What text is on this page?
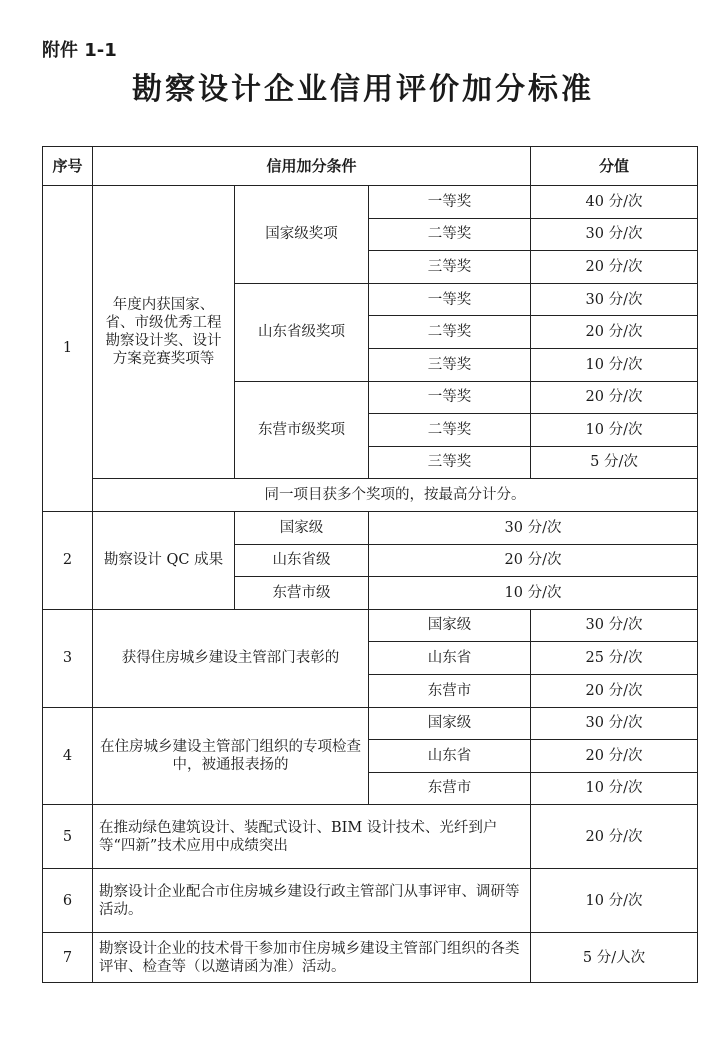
附件 1-1
勘察设计企业信用评价加分标准
序号	信用加分条件			分值
1	年度内获国家、省、市级优秀工程勘察设计奖、设计方案竞赛奖项等	国家级奖项	一等奖	40 分/次
			二等奖	30 分/次
			三等奖	20 分/次
		山东省级奖项	一等奖	30 分/次
			二等奖	20 分/次
			三等奖	10 分/次
		东营市级奖项	一等奖	20 分/次
			二等奖	10 分/次
			三等奖	5 分/次
	同一项目获多个奖项的，按最高分计分。			
2	勘察设计 QC 成果	国家级	30 分/次	
		山东省级	20 分/次	
		东营市级	10 分/次	
3	获得住房城乡建设主管部门表彰的		国家级	30 分/次
			山东省	25 分/次
			东营市	20 分/次
4	在住房城乡建设主管部门组织的专项检查中，被通报表扬的		国家级	30 分/次
			山东省	20 分/次
			东营市	10 分/次
5	在推动绿色建筑设计、装配式设计、BIM 设计技术、光纤到户等“四新”技术应用中成绩突出			20 分/次
6	勘察设计企业配合市住房城乡建设行政主管部门从事评审、调研等活动。			10 分/次
7	勘察设计企业的技术骨干参加市住房城乡建设主管部门组织的各类评审、检查等（以邀请函为准）活动。			5 分/人次
